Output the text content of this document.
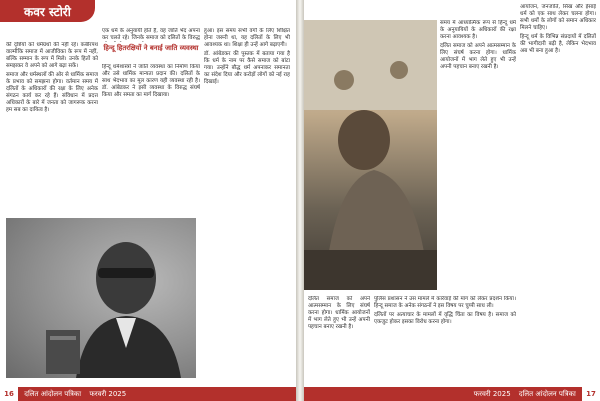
कवर स्टोरी

की दृष्टियों को धर्मग्रंथों की नहीं रहे। कबीरपंथ वाल्मीकि समाज में आजीविका के रूप में नहीं, बल्कि सम्मान के रूप में मिले। उनके हितों को समझकर वे अपने को आगे बढ़ा सकें।

समाज और धर्मस्थलों की ओर से धार्मिक समाज के प्रभाव को समझना होगा। वर्तमान समय में दलितों के अधिकारों की रक्षा के लिए अनेक संगठन कार्य कर रहे हैं। संविधान में प्रदत्त अधिकारों के बारे में जनता को जागरूक करना हम सब का दायित्व है।

एक धर्म के अनुयायी होते हैं, वह जाति भेद अपना कर चलते रहे। जिनके समाज को दलितों के विरुद्ध

हिन्दू हितरक्षियों ने बनाई जाति व्यवस्था

हिन्दू धर्मशास्त्रों ने जाति व्यवस्था का निर्माण किया और उसे धार्मिक मान्यता प्रदान की। दलितों के साथ भेदभाव का मूल कारण यही व्यवस्था रही है। डॉ. आंबेडकर ने इसी व्यवस्था के विरुद्ध संघर्ष किया और समता का मार्ग दिखाया।

हुआ। इस समय सभी वर्गों के लिए शिक्षित होना जरूरी था, यह दलितों के लिए भी आवश्यक था। शिक्षा ही उन्हें आगे बढ़ाएगी।

डॉ. आंबेडकर की पुस्तक में बताया गया है कि धर्म के नाम पर कैसे समाज को बांटा गया। उन्होंने बौद्ध धर्म अपनाकर समानता का संदेश दिया और करोड़ों लोगों को नई राह दिखाई।

16 दलित आंदोलन पत्रिका फरवरी 2025

समय में आध्यात्मिक रूप से हिन्दू धर्म के अनुयायियों के अधिकारों की रक्षा करना आवश्यक है।

दलित समाज को अपने आत्मसम्मान के लिए संघर्ष करना होगा। धार्मिक आयोजनों में भाग लेते हुए भी उन्हें अपनी पहचान बनाए रखनी है।

दलित समाज को अपने आत्मसम्मान के लिए संघर्ष करना होगा। धार्मिक आयोजनों में भाग लेते हुए भी उन्हें अपनी पहचान बनाए रखनी है।

पुलिस प्रशासन ने उस मामले में कार्रवाई की मांग को लेकर प्रदर्शन किया। हिन्दू समाज के अनेक संगठनों ने इस विषय पर चुप्पी साध ली।

दलितों पर अत्याचार के मामलों में वृद्धि चिंता का विषय है। समाज को एकजुट होकर इसका विरोध करना होगा।

आयोजन, जनजाति, सिख और ईसाई धर्म को एक साथ लेकर चलना होगा। सभी धर्मों के लोगों को समान अधिकार मिलने चाहिए।

हिन्दू धर्म के विभिन्न संप्रदायों में दलितों की भागीदारी बढ़ी है, लेकिन भेदभाव अब भी बना हुआ है।

फरवरी 2025 दलित आंदोलन पत्रिका 17
